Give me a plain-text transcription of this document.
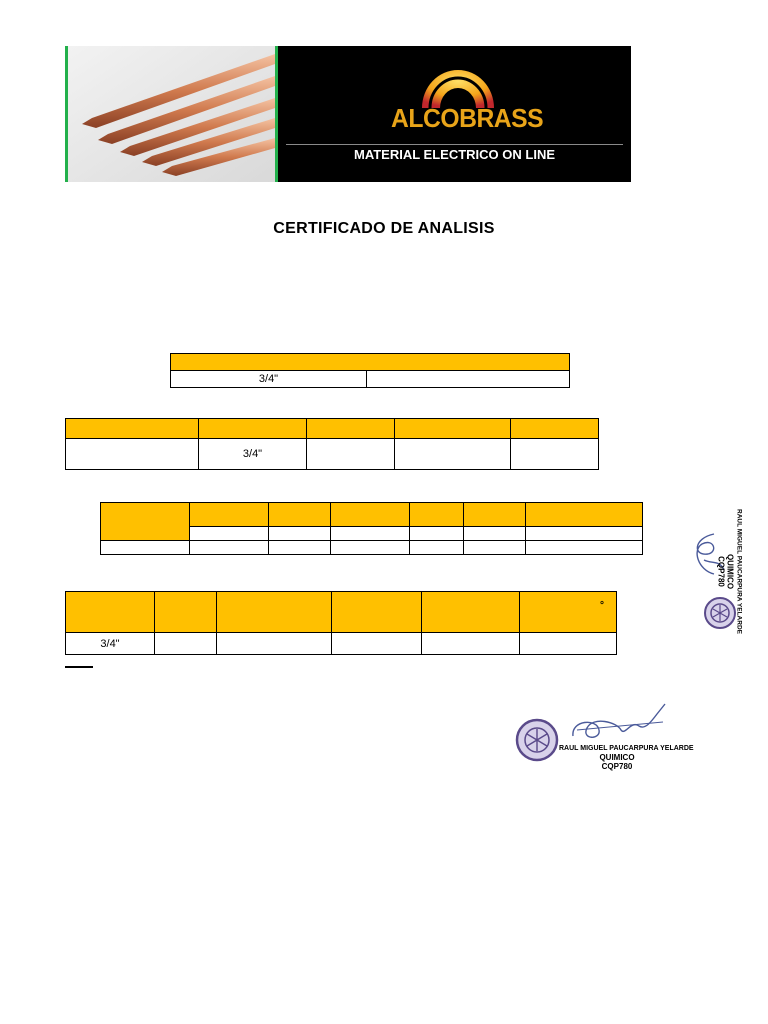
ALCOBRASS
MATERIAL ELECTRICO ON LINE
CERTIFICADO DE ANALISIS

3/4"	

	3/4"			

					°
3/4"					
RAUL MIGUEL PAUCARPURA YELARDE
QUIMICO
CQP780
RAUL MIGUEL PAUCARPURA YELARDE
QUIMICO
CQP780
